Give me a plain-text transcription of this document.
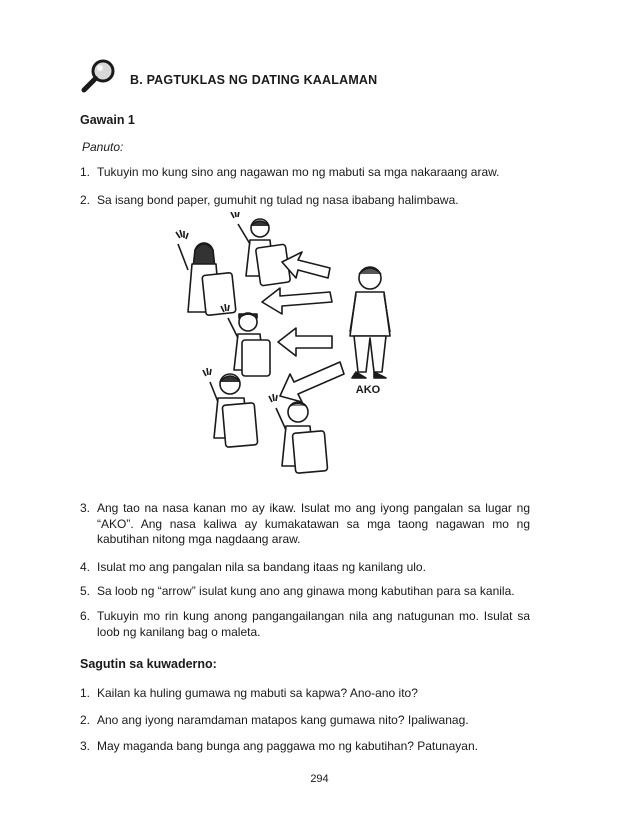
B. PAGTUKLAS NG DATING KAALAMAN
Gawain 1
Panuto:
1. Tukuyin mo kung sino ang nagawan mo ng mabuti sa mga nakaraang araw.
2. Sa isang bond paper, gumuhit ng tulad ng nasa ibabang halimbawa.
AKO
3. Ang tao na nasa kanan mo ay ikaw. Isulat mo ang iyong pangalan sa lugar ng “AKO”. Ang nasa kaliwa ay kumakatawan sa mga taong nagawan mo ng kabutihan nitong mga nagdaang araw.
4. Isulat mo ang pangalan nila sa bandang itaas ng kanilang ulo.
5. Sa loob ng “arrow” isulat kung ano ang ginawa mong kabutihan para sa kanila.
6. Tukuyin mo rin kung anong pangangailangan nila ang natugunan mo. Isulat sa loob ng kanilang bag o maleta.
Sagutin sa kuwaderno:
1. Kailan ka huling gumawa ng mabuti sa kapwa? Ano-ano ito?
2. Ano ang iyong naramdaman matapos kang gumawa nito? Ipaliwanag.
3. May maganda bang bunga ang paggawa mo ng kabutihan? Patunayan.
294
